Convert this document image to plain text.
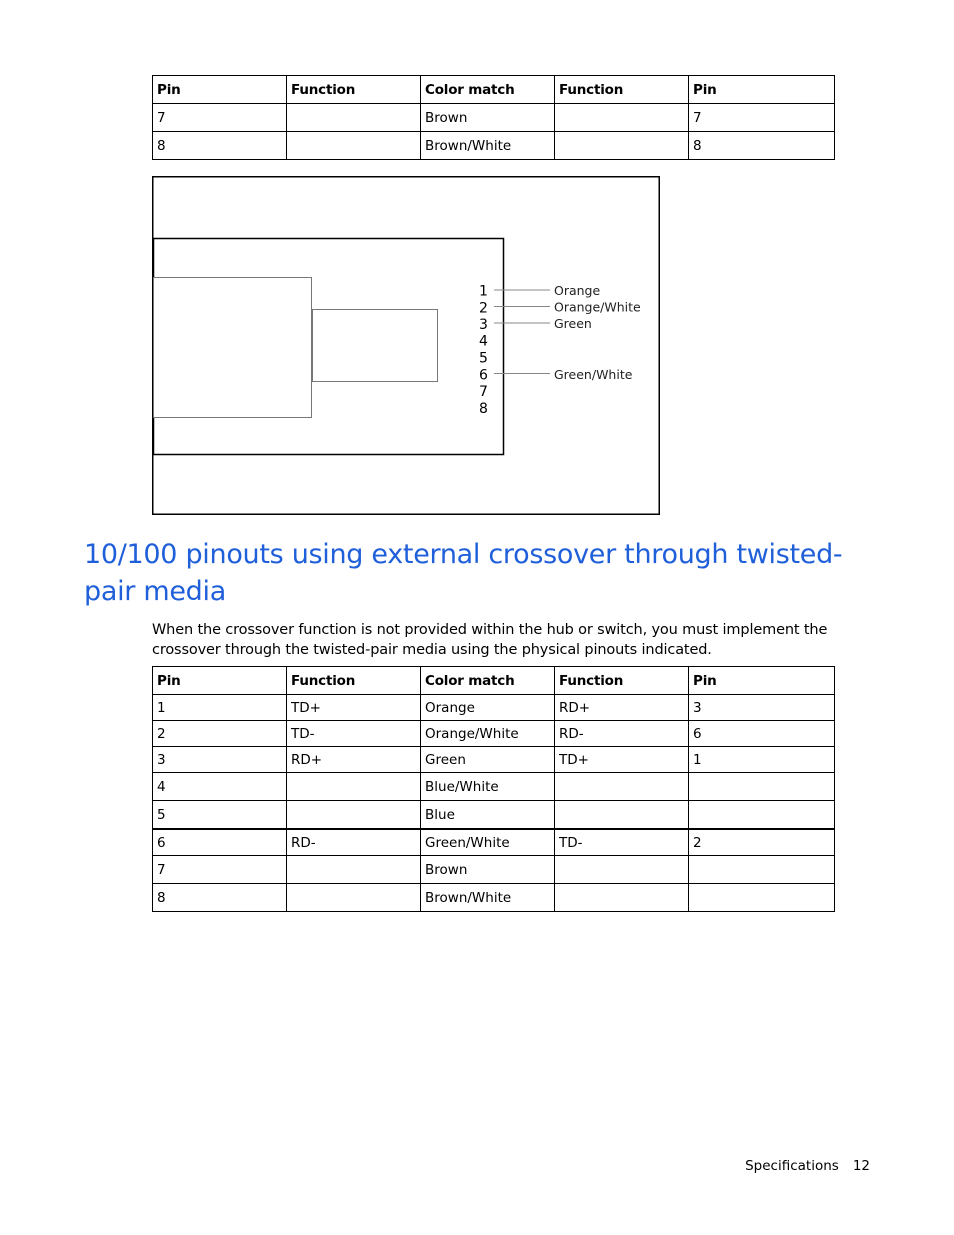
Pin	Function	Color match	Function	Pin
7		Brown		7
8		Brown/White		8
1
2
3
4
5
6
7
8
Orange
Orange/White
Green
Green/White
10/100 pinouts using external crossover through twisted-pair media

When the crossover function is not provided within the hub or switch, you must implement the crossover through the twisted-pair media using the physical pinouts indicated.

Pin	Function	Color match	Function	Pin
1	TD+	Orange	RD+	3
2	TD-	Orange/White	RD-	6
3	RD+	Green	TD+	1
4		Blue/White		
5		Blue		
6	RD-	Green/White	TD-	2
7		Brown		
8		Brown/White		
Specifications 12
